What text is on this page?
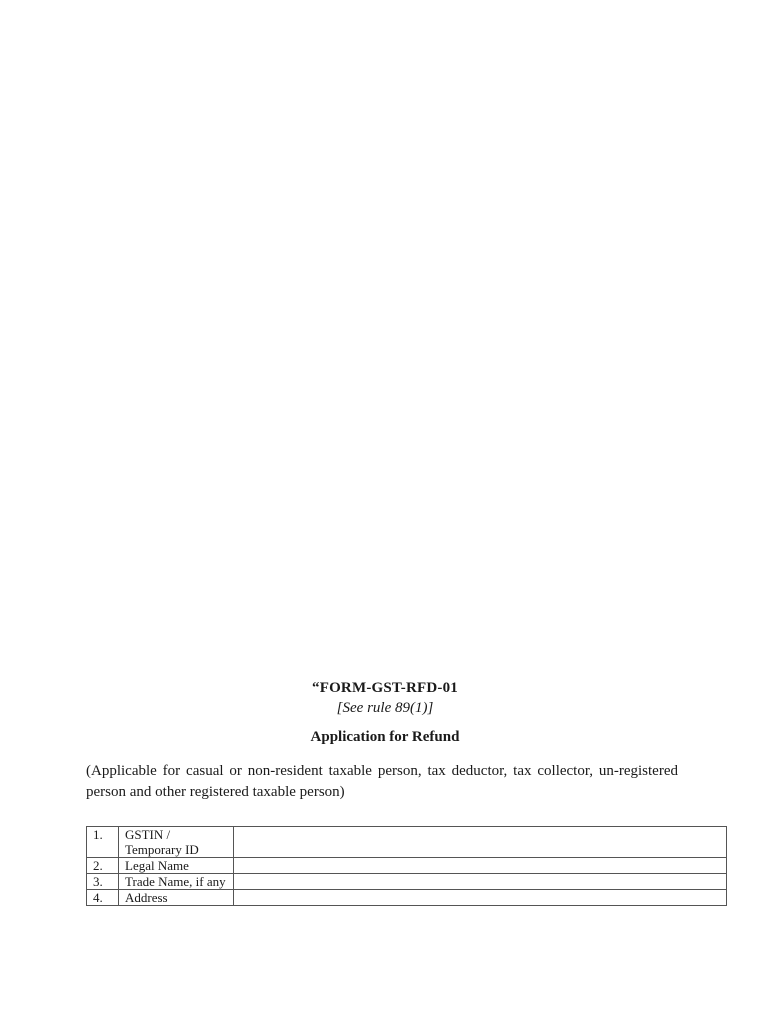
“FORM-GST-RFD-01
[See rule 89(1)]
Application for Refund
(Applicable for casual or non-resident taxable person, tax deductor, tax collector, un-registered person and other registered taxable person)
1.	GSTIN / Temporary ID	
2.	Legal Name	
3.	Trade Name, if any	
4.	Address	
